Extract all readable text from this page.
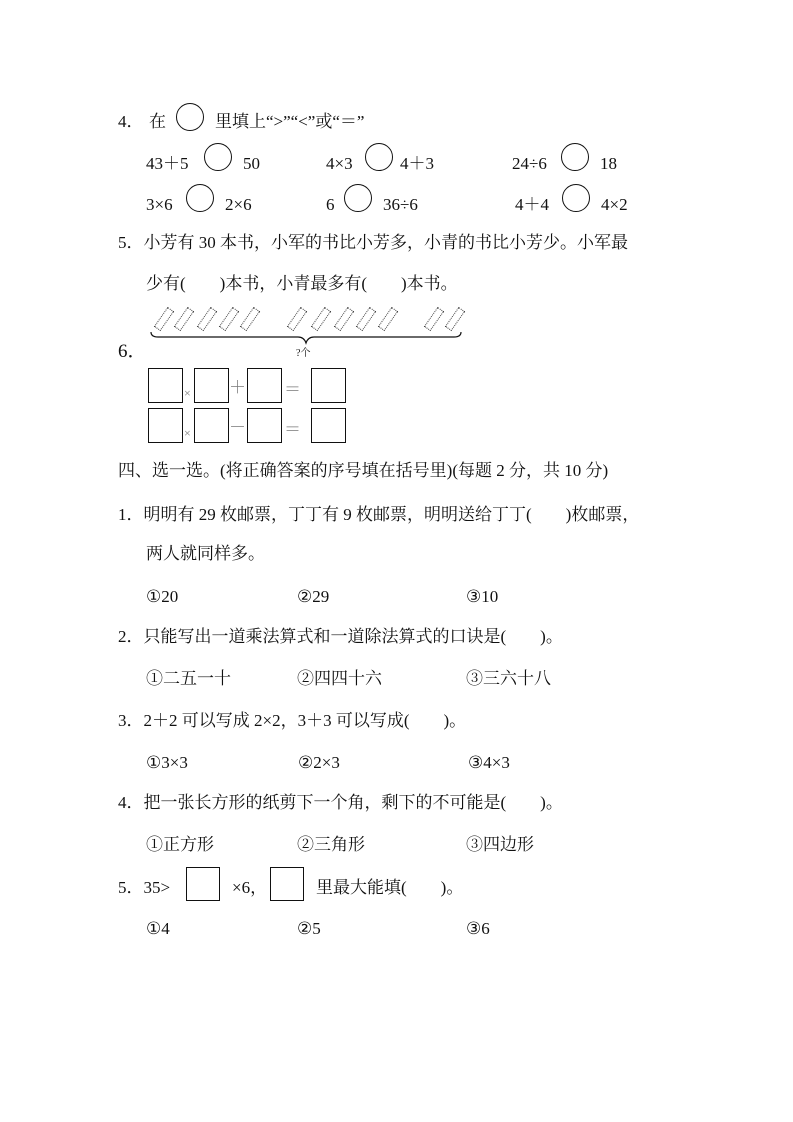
4． 在	里填上“>”“<”或“＝”
43＋5	50	4×3	4＋3	24÷6	18
3×6	2×6	6	36÷6	4＋4	4×2
5．小芳有 30 本书，小军的书比小芳多，小青的书比小芳少。小军最
少有(　　)本书，小青最多有(　　)本书。
?个
6．
× ＋ ＝
× － ＝
四、选一选。(将正确答案的序号填在括号里)(每题 2 分，共 10 分)
1．明明有 29 枚邮票，丁丁有 9 枚邮票，明明送给丁丁(　　)枚邮票，
两人就同样多。
①20	②29	③10
2．只能写出一道乘法算式和一道除法算式的口诀是(　　)。
①二五一十	②四四十六	③三六十八
3．2＋2 可以写成 2×2，3＋3 可以写成(　　)。
①3×3	②2×3	③4×3
4．把一张长方形的纸剪下一个角，剩下的不可能是(　　)。
①正方形	②三角形	③四边形
5．35>	×6，	里最大能填(　　)。
①4	②5	③6
